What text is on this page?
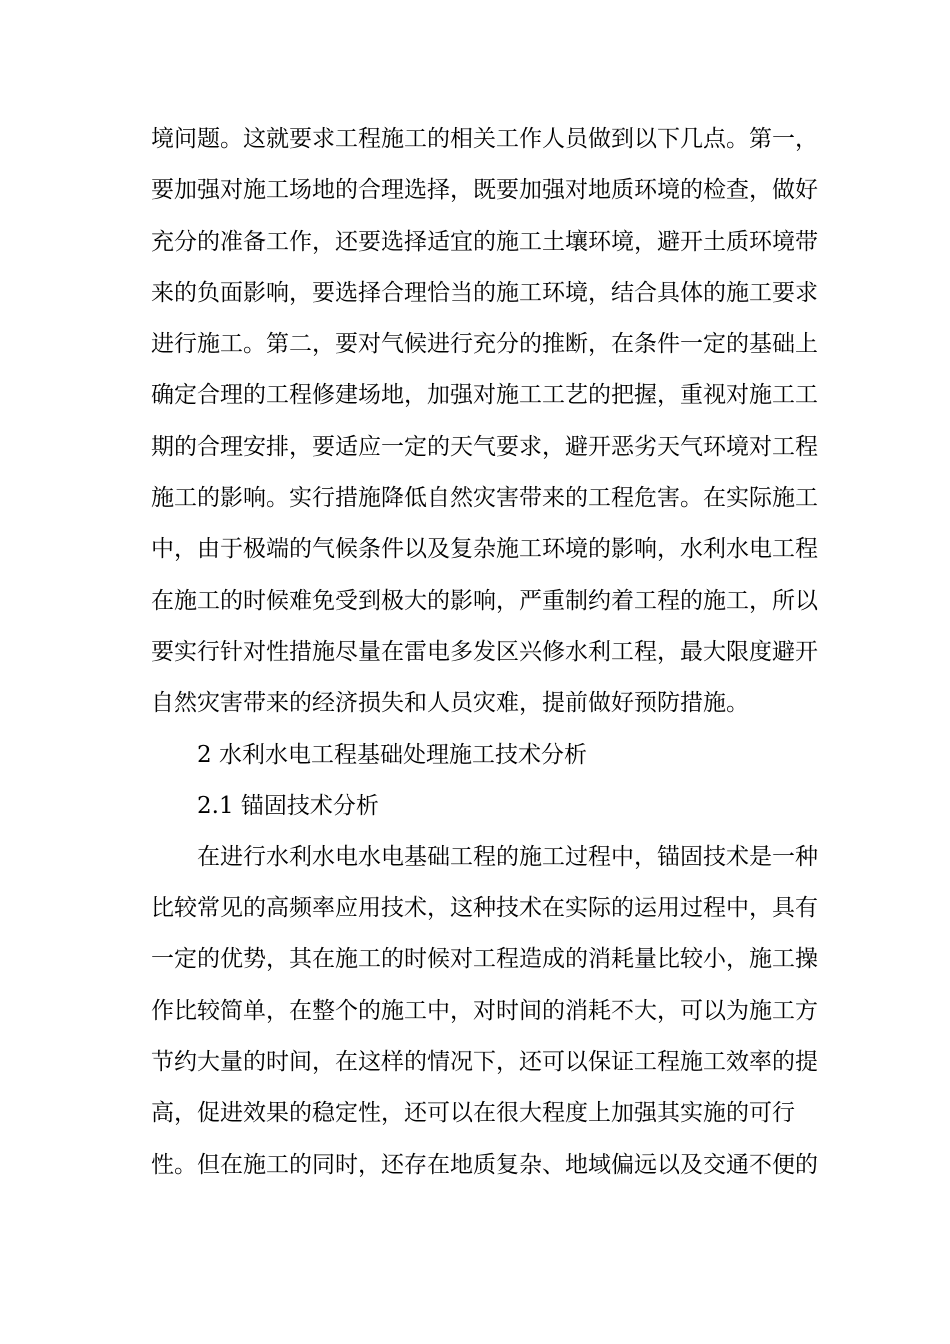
境问题。这就要求工程施工的相关工作人员做到以下几点。第一，
要加强对施工场地的合理选择，既要加强对地质环境的检查，做好
充分的准备工作，还要选择适宜的施工土壤环境，避开土质环境带
来的负面影响，要选择合理恰当的施工环境，结合具体的施工要求
进行施工。第二，要对气候进行充分的推断，在条件一定的基础上
确定合理的工程修建场地，加强对施工工艺的把握，重视对施工工
期的合理安排，要适应一定的天气要求，避开恶劣天气环境对工程
施工的影响。实行措施降低自然灾害带来的工程危害。在实际施工
中，由于极端的气候条件以及复杂施工环境的影响，水利水电工程
在施工的时候难免受到极大的影响，严重制约着工程的施工，所以
要实行针对性措施尽量在雷电多发区兴修水利工程，最大限度避开
自然灾害带来的经济损失和人员灾难，提前做好预防措施。
2 水利水电工程基础处理施工技术分析
2.1 锚固技术分析
在进行水利水电水电基础工程的施工过程中，锚固技术是一种
比较常见的高频率应用技术，这种技术在实际的运用过程中，具有
一定的优势，其在施工的时候对工程造成的消耗量比较小，施工操
作比较简单，在整个的施工中，对时间的消耗不大，可以为施工方
节约大量的时间，在这样的情况下，还可以保证工程施工效率的提
高，促进效果的稳定性，还可以在很大程度上加强其实施的可行
性。但在施工的同时，还存在地质复杂、地域偏远以及交通不便的
